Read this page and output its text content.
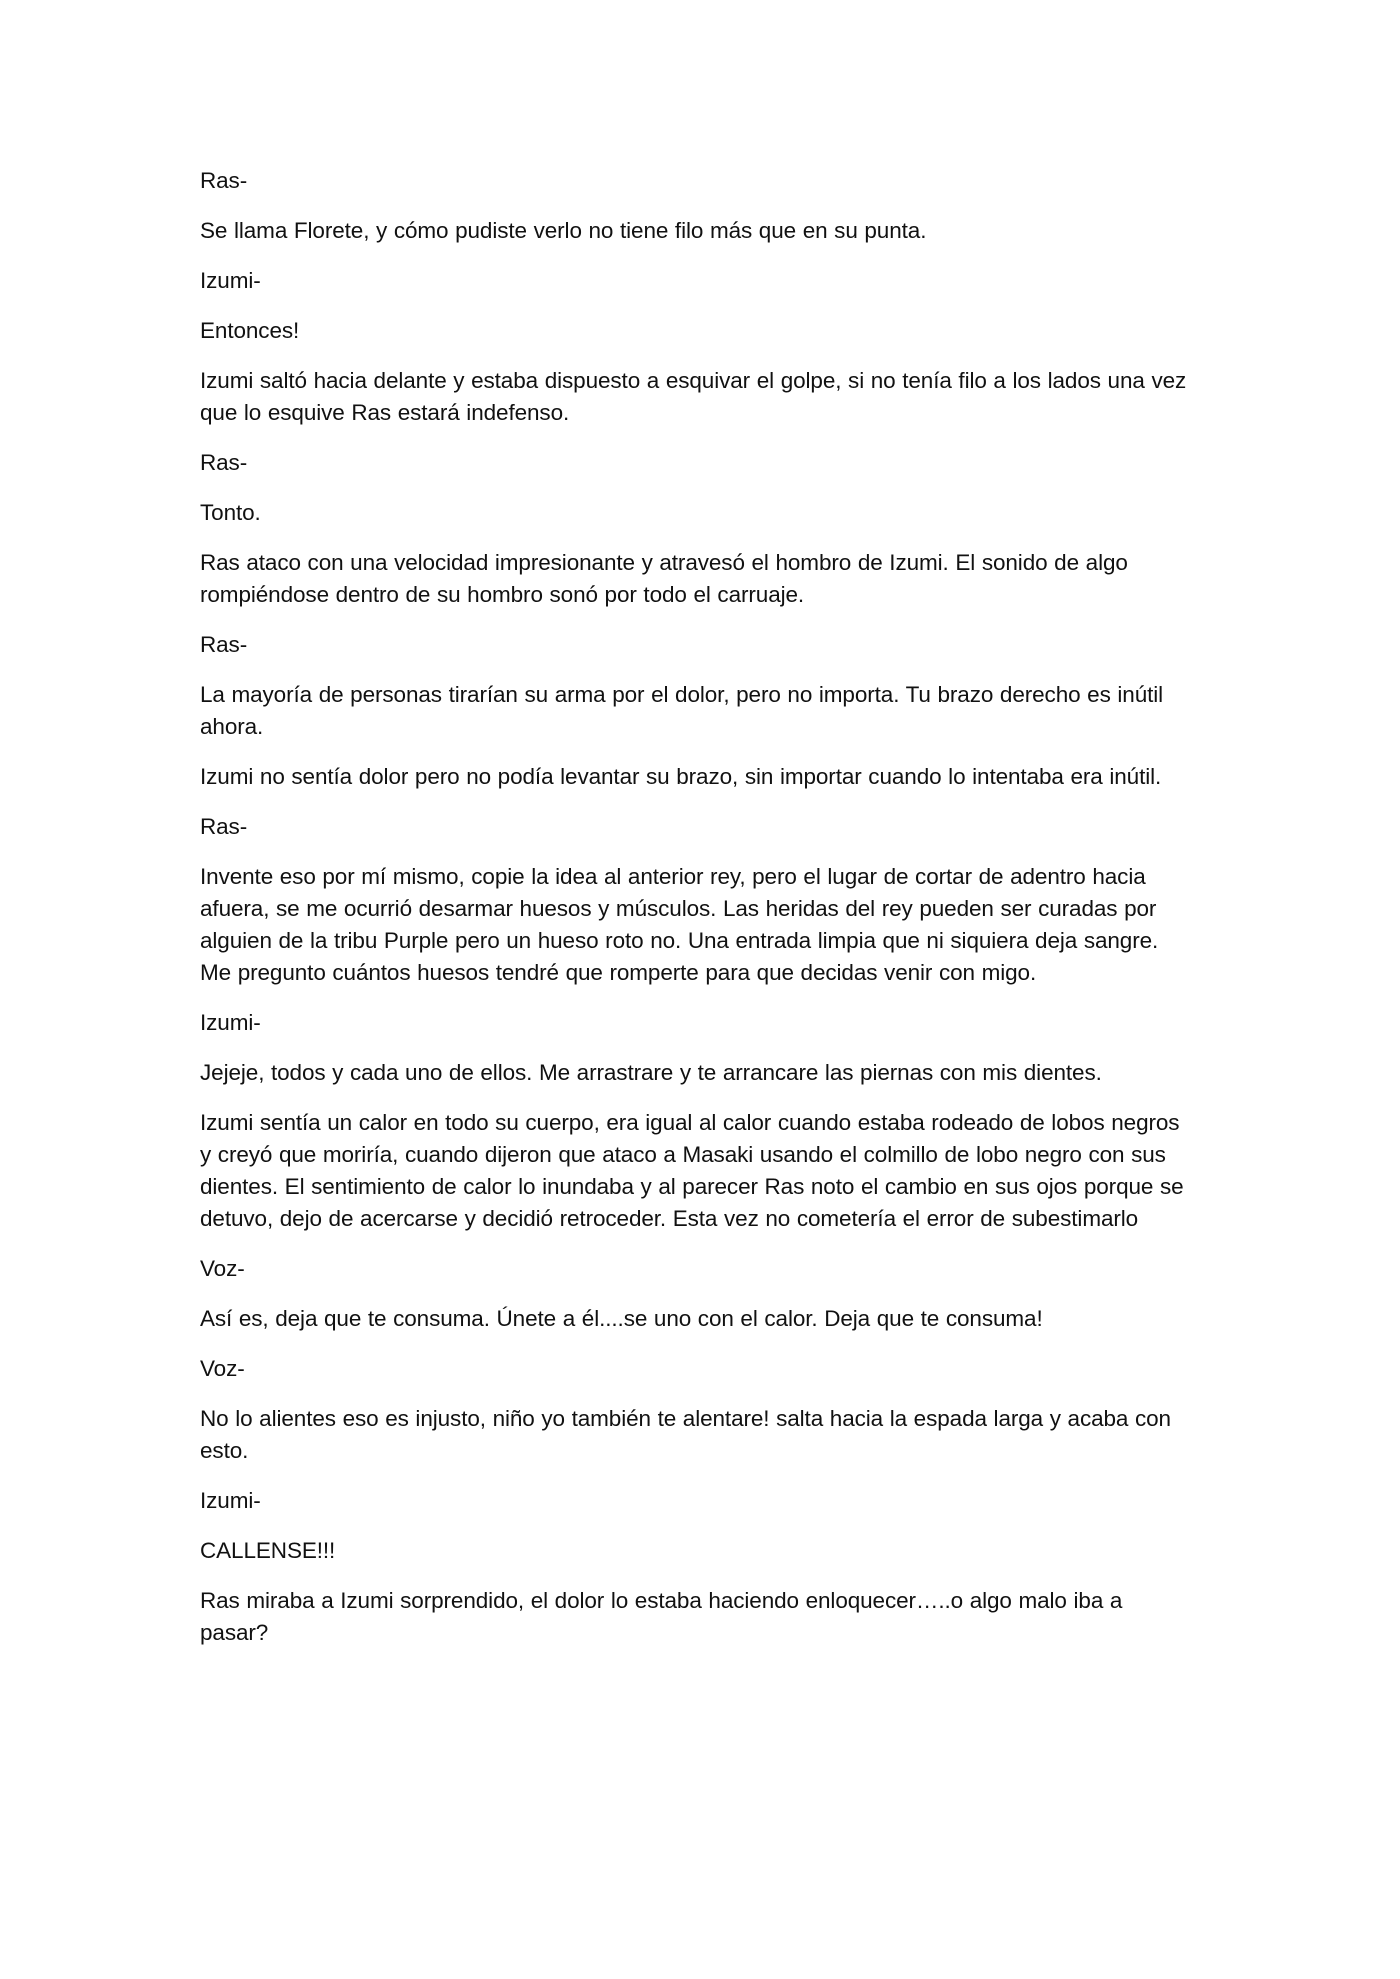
Ras-

Se llama Florete, y cómo pudiste verlo no tiene filo más que en su punta.

Izumi-

Entonces!

Izumi saltó hacia delante y estaba dispuesto a esquivar el golpe, si no tenía filo a los lados una vez que lo esquive Ras estará indefenso.

Ras-

Tonto.

Ras ataco con una velocidad impresionante y atravesó el hombro de Izumi. El sonido de algo rompiéndose dentro de su hombro sonó por todo el carruaje.

Ras-

La mayoría de personas tirarían su arma por el dolor, pero no importa. Tu brazo derecho es inútil ahora.

Izumi no sentía dolor pero no podía levantar su brazo, sin importar cuando lo intentaba era inútil.

Ras-

Invente eso por mí mismo, copie la idea al anterior rey, pero el lugar de cortar de adentro hacia afuera, se me ocurrió desarmar huesos y músculos. Las heridas del rey pueden ser curadas por alguien de la tribu Purple pero un hueso roto no. Una entrada limpia que ni siquiera deja sangre. Me pregunto cuántos huesos tendré que romperte para que decidas venir con migo.

Izumi-

Jejeje, todos y cada uno de ellos. Me arrastrare y te arrancare las piernas con mis dientes.

Izumi sentía un calor en todo su cuerpo, era igual al calor cuando estaba rodeado de lobos negros y creyó que moriría, cuando dijeron que ataco a Masaki usando el colmillo de lobo negro con sus dientes. El sentimiento de calor lo inundaba y al parecer Ras noto el cambio en sus ojos porque se detuvo, dejo de acercarse y decidió retroceder. Esta vez no cometería el error de subestimarlo

Voz-

Así es, deja que te consuma. Únete a él....se uno con el calor. Deja que te consuma!

Voz-

No lo alientes eso es injusto, niño yo también te alentare! salta hacia la espada larga y acaba con esto.

Izumi-

CALLENSE!!!

Ras miraba a Izumi sorprendido, el dolor lo estaba haciendo enloquecer…..o algo malo iba a pasar?
